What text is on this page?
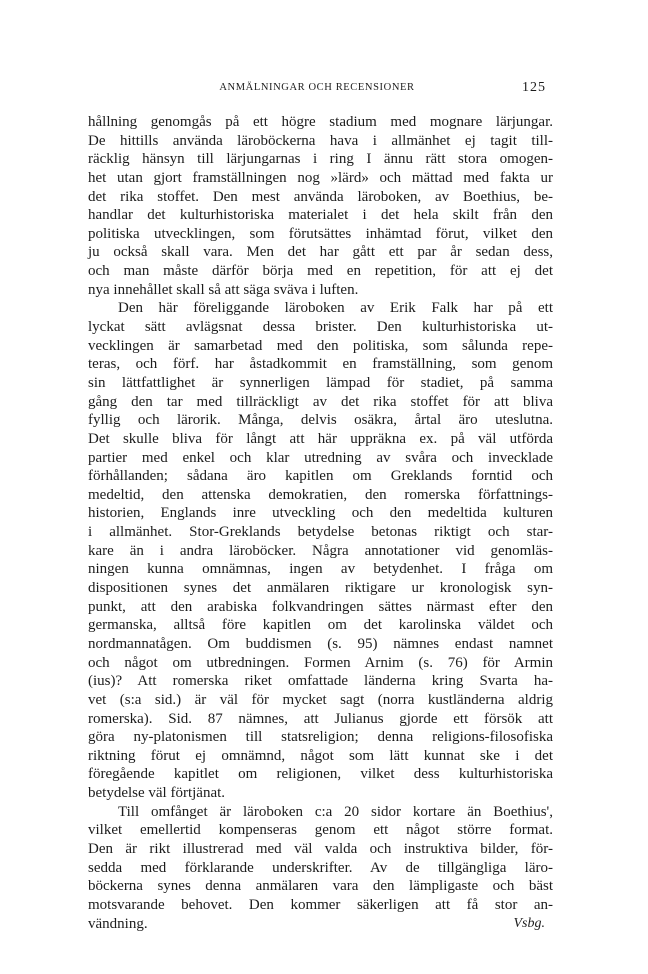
ANMÄLNINGAR OCH RECENSIONER	125
hållning genomgås på ett högre stadium med mognare lärjungar.
De hittills använda läroböckerna hava i allmänhet ej tagit till-
räcklig hänsyn till lärjungarnas i ring I ännu rätt stora omogen-
het utan gjort framställningen nog »lärd» och mättad med fakta ur
det rika stoffet. Den mest använda läroboken, av Boethius, be-
handlar det kulturhistoriska materialet i det hela skilt från den
politiska utvecklingen, som förutsättes inhämtad förut, vilket den
ju också skall vara. Men det har gått ett par år sedan dess,
och man måste därför börja med en repetition, för att ej det
nya innehållet skall så att säga sväva i luften.
Den här föreliggande läroboken av Erik Falk har på ett
lyckat sätt avlägsnat dessa brister. Den kulturhistoriska ut-
vecklingen är samarbetad med den politiska, som sålunda repe-
teras, och förf. har åstadkommit en framställning, som genom
sin lättfattlighet är synnerligen lämpad för stadiet, på samma
gång den tar med tillräckligt av det rika stoffet för att bliva
fyllig och lärorik. Många, delvis osäkra, årtal äro uteslutna.
Det skulle bliva för långt att här uppräkna ex. på väl utförda
partier med enkel och klar utredning av svåra och invecklade
förhållanden; sådana äro kapitlen om Greklands forntid och
medeltid, den attenska demokratien, den romerska författnings-
historien, Englands inre utveckling och den medeltida kulturen
i allmänhet. Stor-Greklands betydelse betonas riktigt och star-
kare än i andra läroböcker. Några annotationer vid genomläs-
ningen kunna omnämnas, ingen av betydenhet. I fråga om
dispositionen synes det anmälaren riktigare ur kronologisk syn-
punkt, att den arabiska folkvandringen sättes närmast efter den
germanska, alltså före kapitlen om det karolinska väldet och
nordmannatågen. Om buddismen (s. 95) nämnes endast namnet
och något om utbredningen. Formen Arnim (s. 76) för Armin
(ius)? Att romerska riket omfattade länderna kring Svarta ha-
vet (s:a sid.) är väl för mycket sagt (norra kustländerna aldrig
romerska). Sid. 87 nämnes, att Julianus gjorde ett försök att
göra ny-platonismen till statsreligion; denna religions-filosofiska
riktning förut ej omnämnd, något som lätt kunnat ske i det
föregående kapitlet om religionen, vilket dess kulturhistoriska
betydelse väl förtjänat.
Till omfånget är läroboken c:a 20 sidor kortare än Boethius',
vilket emellertid kompenseras genom ett något större format.
Den är rikt illustrerad med väl valda och instruktiva bilder, för-
sedda med förklarande underskrifter. Av de tillgängliga läro-
böckerna synes denna anmälaren vara den lämpligaste och bäst
motsvarande behovet. Den kommer säkerligen att få stor an-
vändning.	Vsbg.
